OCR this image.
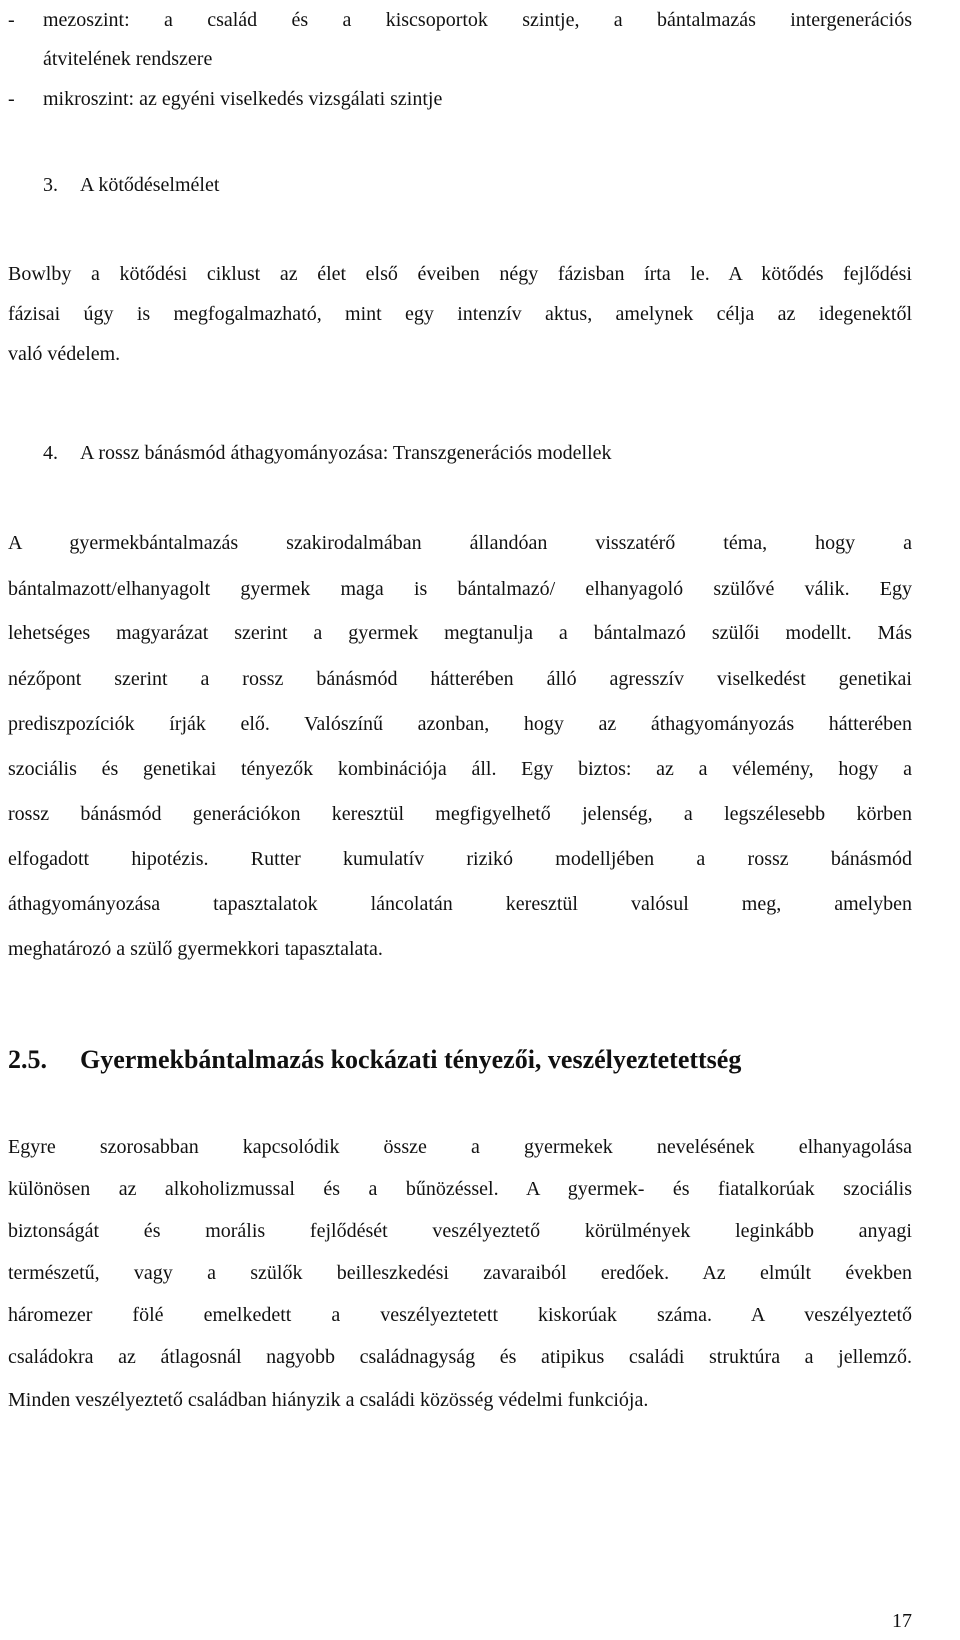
- mezoszint: a család és a kiscsoportok szintje, a bántalmazás intergenerációs
átvitelének rendszere
- mikroszint: az egyéni viselkedés vizsgálati szintje
3. A kötődéselmélet

Bowlby a kötődési ciklust az élet első éveiben négy fázisban írta le. A kötődés fejlődési

fázisai úgy is megfogalmazható, mint egy intenzív aktus, amelynek célja az idegenektől

való védelem.

4. A rossz bánásmód áthagyományozása: Transzgenerációs modellek

A gyermekbántalmazás szakirodalmában állandóan visszatérő téma, hogy a

bántalmazott/elhanyagolt gyermek maga is bántalmazó/ elhanyagoló szülővé válik. Egy

lehetséges magyarázat szerint a gyermek megtanulja a bántalmazó szülői modellt. Más

nézőpont szerint a rossz bánásmód hátterében álló agresszív viselkedést genetikai

prediszpozíciók írják elő. Valószínű azonban, hogy az áthagyományozás hátterében

szociális és genetikai tényezők kombinációja áll. Egy biztos: az a vélemény, hogy a

rossz bánásmód generációkon keresztül megfigyelhető jelenség, a legszélesebb körben

elfogadott hipotézis. Rutter kumulatív rizikó modelljében a rossz bánásmód

áthagyományozása tapasztalatok láncolatán keresztül valósul meg, amelyben

meghatározó a szülő gyermekkori tapasztalata.

2.5. Gyermekbántalmazás kockázati tényezői, veszélyeztetettség

Egyre szorosabban kapcsolódik össze a gyermekek nevelésének elhanyagolása

különösen az alkoholizmussal és a bűnözéssel. A gyermek- és fiatalkorúak szociális

biztonságát és morális fejlődését veszélyeztető körülmények leginkább anyagi

természetű, vagy a szülők beilleszkedési zavaraiból eredőek. Az elmúlt években

háromezer fölé emelkedett a veszélyeztetett kiskorúak száma. A veszélyeztető

családokra az átlagosnál nagyobb családnagyság és atipikus családi struktúra a jellemző.

Minden veszélyeztető családban hiányzik a családi közösség védelmi funkciója.

17
